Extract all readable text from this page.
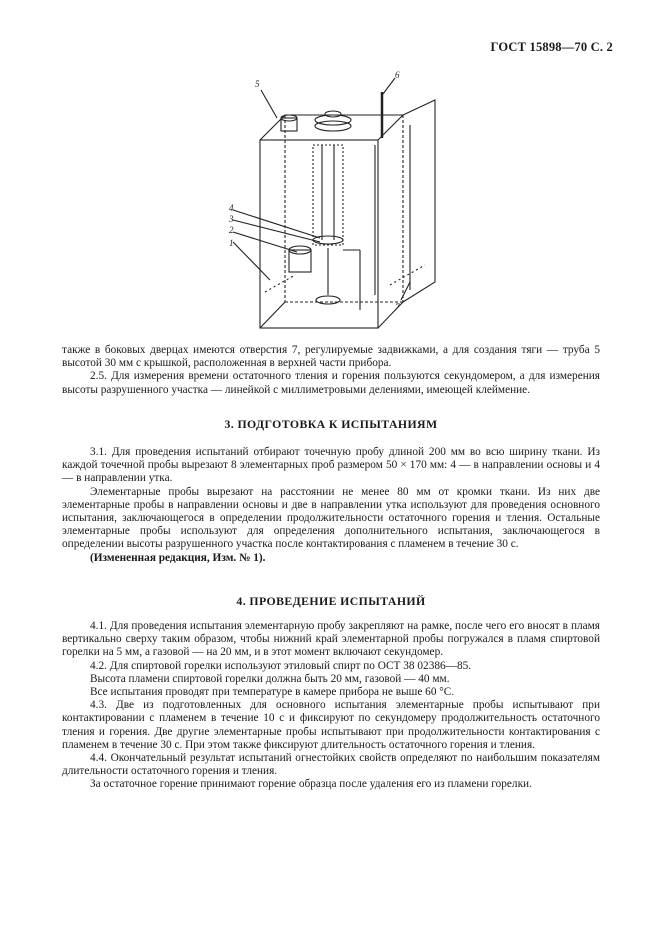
ГОСТ 15898—70 С. 2
5
6
4
3
2
1
7

также в боковых дверцах имеются отверстия 7, регулируемые задвижками, а для создания тяги — труба 5 высотой 30 мм с крышкой, расположенная в верхней части прибора.

2.5. Для измерения времени остаточного тления и горения пользуются секундомером, а для измерения высоты разрушенного участка — линейкой с миллиметровыми делениями, имеющей клеймение.

3. ПОДГОТОВКА К ИСПЫТАНИЯМ

3.1. Для проведения испытаний отбирают точечную пробу длиной 200 мм во всю ширину ткани. Из каждой точечной пробы вырезают 8 элементарных проб размером 50 × 170 мм: 4 — в направлении основы и 4 — в направлении утка.

Элементарные пробы вырезают на расстоянии не менее 80 мм от кромки ткани. Из них две элементарные пробы в направлении основы и две в направлении утка используют для проведения основного испытания, заключающегося в определении продолжительности остаточного горения и тления. Остальные элементарные пробы используют для определения дополнительного испытания, заключающегося в определении высоты разрушенного участка после контактирования с пламенем в течение 30 с.

(Измененная редакция, Изм. № 1).

4. ПРОВЕДЕНИЕ ИСПЫТАНИЙ

4.1. Для проведения испытания элементарную пробу закрепляют на рамке, после чего его вносят в пламя вертикально сверху таким образом, чтобы нижний край элементарной пробы погружался в пламя спиртовой горелки на 5 мм, а газовой — на 20 мм, и в этот момент включают секундомер.

4.2. Для спиртовой горелки используют этиловый спирт по ОСТ 38 02386—85.

Высота пламени спиртовой горелки должна быть 20 мм, газовой — 40 мм.

Все испытания проводят при температуре в камере прибора не выше 60 °С.

4.3. Две из подготовленных для основного испытания элементарные пробы испытывают при контактировании с пламенем в течение 10 с и фиксируют по секундомеру продолжительность остаточного тления и горения. Две другие элементарные пробы испытывают при продолжительности контактирования с пламенем в течение 30 с. При этом также фиксируют длительность остаточного горения и тления.

4.4. Окончательный результат испытаний огнестойких свойств определяют по наибольшим показателям длительности остаточного горения и тления.

За остаточное горение принимают горение образца после удаления его из пламени горелки.
